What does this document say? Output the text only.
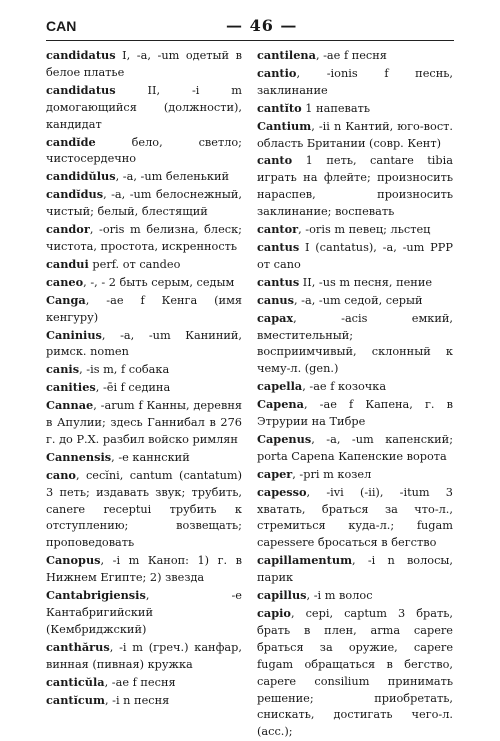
CAN	— 46 —

candidatus I, -a, -um одетый в белое платье

candidatus II, -i m домогающийся (должности), кандидат

candĭde бело, светло; чистосердечно

candidŭlus, -a, -um беленький

candĭdus, -a, -um белоснежный, чистый; белый, блестящий

candor, -oris m белизна, блеск; чистота, простота, искренность

candui perf. от candeo

caneo, -, - 2 быть серым, седым

Canga, -ae f Кенга (имя кенгуру)

Caninius, -a, -um Каниний, римск. nomen

canis, -is m, f собака

canities, -ēi f седина

Cannae, -arum f Канны, деревня в Апулии; здесь Ганнибал в 276 г. до Р.Х. разбил войско римлян

Cannensis, -e каннский

cano, cecĭni, cantum (cantatum) 3 петь; издавать звук; трубить, canere receptui трубить к отступлению; возвещать; проповедовать

Canopus, -i m Каноп: 1) г. в Нижнем Египте; 2) звезда

Cantabrigiensis, -e Кантабригийский (Кембриджский)

canthărus, -i m (греч.) канфар, винная (пивная) кружка

canticŭla, -ae f песня

cantĭcum, -i n песня

cantilena, -ae f песня

cantio, -ionis f песнь, заклинание

cantĭto 1 напевать

Cantium, -ii n Кантий, юго-вост. область Британии (совр. Кент)

canto 1 петь, cantare tibia играть на флейте; произносить нараспев, произносить заклинание; воспевать

cantor, -oris m певец; льстец

cantus I (cantatus), -a, -um PPP от cano

cantus II, -us m песня, пение

canus, -a, -um седой, серый

capax, -acis емкий, вместительный; восприимчивый, склонный к чему-л. (gen.)

capella, -ae f козочка

Capena, -ae f Капена, г. в Этрурии на Тибре

Capenus, -a, -um капенский; porta Capena Капенские ворота

caper, -pri m козел

capesso, -ivi (-ii), -itum 3 хватать, браться за что-л., стремиться куда-л.; fugam capessere бросаться в бегство

capillamentum, -i n волосы, парик

capillus, -i m волос

capio, cepi, captum 3 брать, брать в плен, arma capere браться за оружие, capere fugam обращаться в бегство, capere consilium принимать решение; приобретать, снискать, достигать чего-л. (acc.);
